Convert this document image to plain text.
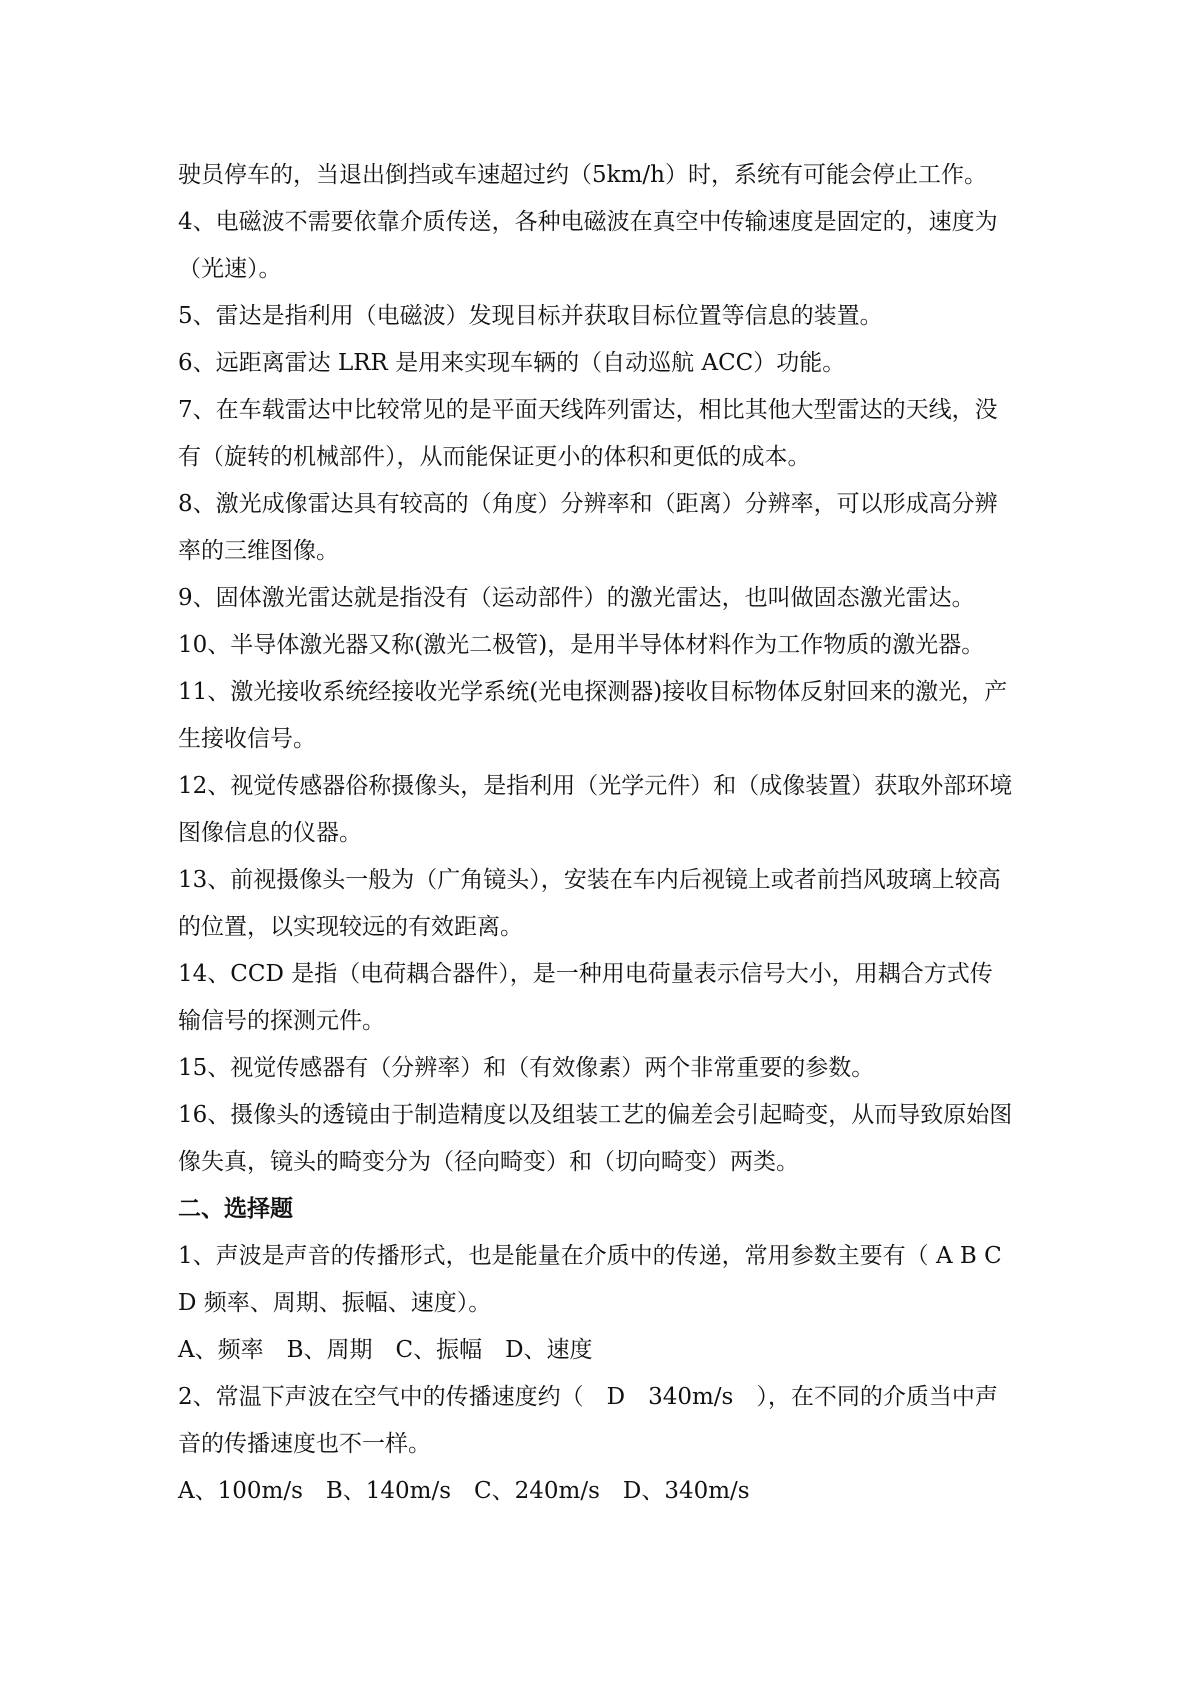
驶员停车的，当退出倒挡或车速超过约（5km/h）时，系统有可能会停止工作。

4、电磁波不需要依靠介质传送，各种电磁波在真空中传输速度是固定的，速度为（光速）。

5、雷达是指利用（电磁波）发现目标并获取目标位置等信息的装置。

6、远距离雷达 LRR 是用来实现车辆的（自动巡航 ACC）功能。

7、在车载雷达中比较常见的是平面天线阵列雷达，相比其他大型雷达的天线，没有（旋转的机械部件），从而能保证更小的体积和更低的成本。

8、激光成像雷达具有较高的（角度）分辨率和（距离）分辨率，可以形成高分辨率的三维图像。

9、固体激光雷达就是指没有（运动部件）的激光雷达，也叫做固态激光雷达。

10、半导体激光器又称(激光二极管)，是用半导体材料作为工作物质的激光器。

11、激光接收系统经接收光学系统(光电探测器)接收目标物体反射回来的激光，产生接收信号。

12、视觉传感器俗称摄像头，是指利用（光学元件）和（成像装置）获取外部环境图像信息的仪器。

13、前视摄像头一般为（广角镜头），安装在车内后视镜上或者前挡风玻璃上较高的位置，以实现较远的有效距离。

14、CCD 是指（电荷耦合器件），是一种用电荷量表示信号大小，用耦合方式传输信号的探测元件。

15、视觉传感器有（分辨率）和（有效像素）两个非常重要的参数。

16、摄像头的透镜由于制造精度以及组装工艺的偏差会引起畸变，从而导致原始图像失真，镜头的畸变分为（径向畸变）和（切向畸变）两类。

二、选择题

1、声波是声音的传播形式，也是能量在介质中的传递，常用参数主要有（ A B C D 频率、周期、振幅、速度）。

A、频率　B、周期　C、振幅　D、速度

2、常温下声波在空气中的传播速度约（　D　340m/s　），在不同的介质当中声音的传播速度也不一样。

A、100m/s　B、140m/s　C、240m/s　D、340m/s
